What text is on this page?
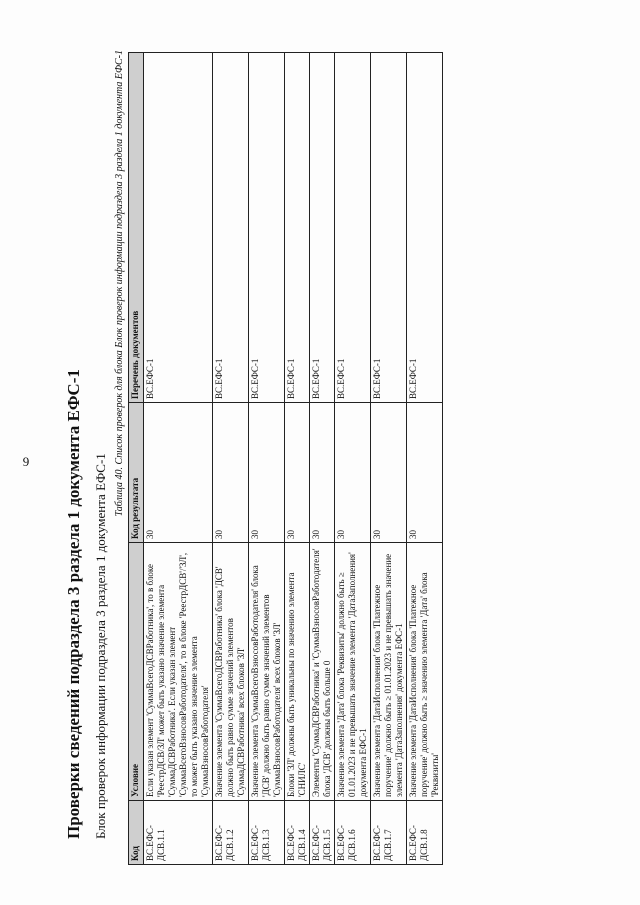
9 Проверки сведений подраздела 3 раздела 1 документа ЕФС-1 Блок проверок информации подраздела 3 раздела 1 документа ЕФС-1
Таблица 40. Список проверок для блока Блок проверок информации подраздела 3 раздела 1 документа ЕФС-1
Код	Условие	Код результата	Перечень документов
ВС.ЕФС-ДСВ.1.1	Если указан элемент 'СуммаВсегоДСВРаботника', то в блоке 'РеестрДСВ/ЗЛ' может быть указано значение элемента 'СуммаДСВРаботника'. Если указан элемент 'СуммаВсегоВзносовРаботодателя', то в блоке 'РеестрДСВ'/'ЗЛ', то может быть указано значение элемента 'СуммаВзносовРаботодателя'	30	ВС.ЕФС-1
ВС.ЕФС-ДСВ.1.2	Значение элемента 'СуммаВсегоДСВРаботника' блока 'ДСВ' должно быть равно сумме значений элементов 'СуммаДСВРаботника' всех блоков 'ЗЛ'	30	ВС.ЕФС-1
ВС.ЕФС-ДСВ.1.3	Значение элемента 'СуммаВсегоВзносовРаботодателя' блока 'ДСВ' должно быть равно сумме значений элементов 'СуммаВзносовРаботодателя' всех блоков 'ЗЛ'	30	ВС.ЕФС-1
ВС.ЕФС-ДСВ.1.4	Блоки 'ЗЛ' должны быть уникальны по значению элемента 'СНИЛС'	30	ВС.ЕФС-1
ВС.ЕФС-ДСВ.1.5	Элементы 'СуммаДСВРаботника' и 'СуммаВзносовРаботодателя' блока 'ДСВ' должны быть больше 0	30	ВС.ЕФС-1
ВС.ЕФС-ДСВ.1.6	Значение элемента 'Дата' блока 'Реквизиты' должно быть ≥ 01.01.2023 и не превышать значение элемента 'ДатаЗаполнения' документа ЕФС-1	30	ВС.ЕФС-1
ВС.ЕФС-ДСВ.1.7	Значение элемента 'ДатаИсполнения' блока 'Платежное поручение' должно быть ≥ 01.01.2023 и не превышать значение элемента 'ДатаЗаполнения' документа ЕФС-1	30	ВС.ЕФС-1
ВС.ЕФС-ДСВ.1.8	Значение элемента 'ДатаИсполнения' блока 'Платежное поручение' должно быть ≥ значению элемента 'Дата' блока 'Реквизиты'	30	ВС.ЕФС-1
